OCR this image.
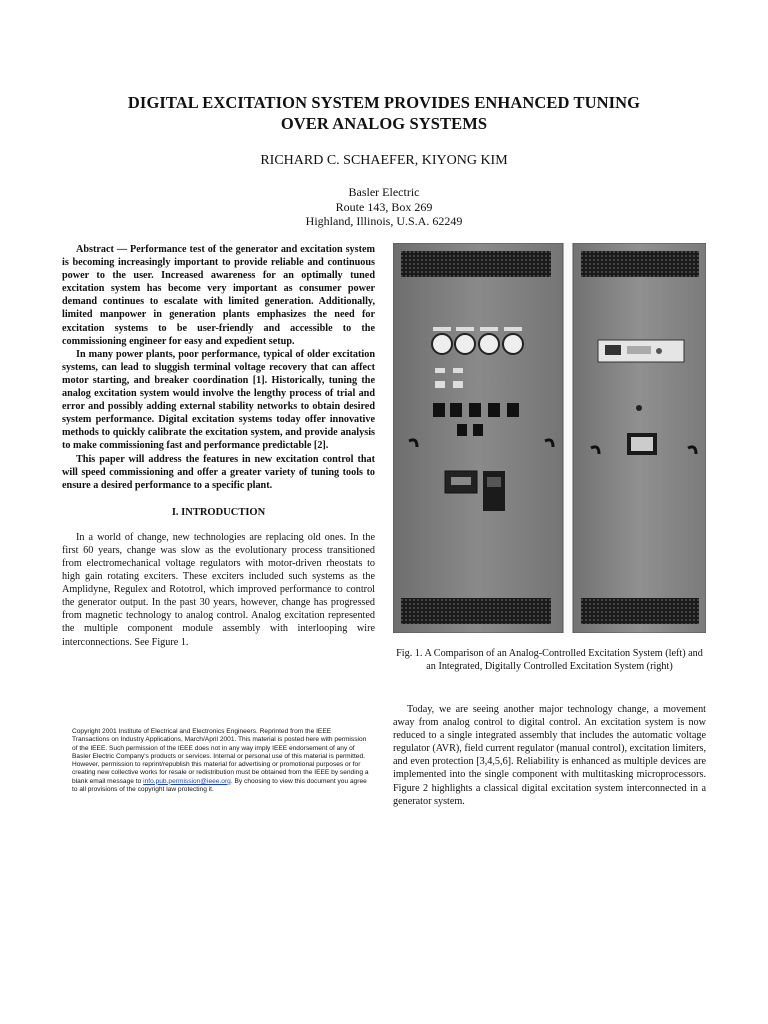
DIGITAL EXCITATION SYSTEM PROVIDES ENHANCED TUNING
OVER ANALOG SYSTEMS
RICHARD C. SCHAEFER, KIYONG KIM
Basler Electric
Route 143, Box 269
Highland, Illinois, U.S.A. 62249

Abstract — Performance test of the generator and excitation system is becoming increasingly important to provide reliable and continuous power to the user. Increased awareness for an optimally tuned excitation system has become very important as consumer power demand continues to escalate with limited generation. Additionally, limited manpower in generation plants emphasizes the need for excitation systems to be user-friendly and accessible to the commissioning engineer for easy and expedient setup.

In many power plants, poor performance, typical of older excitation systems, can lead to sluggish terminal voltage recovery that can affect motor starting, and breaker coordination [1]. Historically, tuning the analog excitation system would involve the lengthy process of trial and error and possibly adding external stability networks to obtain desired system performance. Digital excitation systems today offer innovative methods to quickly calibrate the excitation system, and provide analysis to make commissioning fast and performance predictable [2].

This paper will address the features in new excitation control that will speed commissioning and offer a greater variety of tuning tools to ensure a desired performance to a specific plant.

I. INTRODUCTION

In a world of change, new technologies are replacing old ones. In the first 60 years, change was slow as the evolutionary process transitioned from electromechanical voltage regulators with motor-driven rheostats to high gain rotating exciters. These exciters included such systems as the Amplidyne, Regulex and Rototrol, which improved performance to control the generator output. In the past 30 years, however, change has progressed from magnetic technology to analog control. Analog excitation represented the multiple component module assembly with interlooping wire interconnections. See Figure 1.

Copyright 2001 Institute of Electrical and Electronics Engineers. Reprinted from the IEEE Transactions on Industry Applications, March/April 2001. This material is posted here with permission of the IEEE. Such permission of the IEEE does not in any way imply IEEE endorsement of any of Basler Electric Company's products or services. Internal or personal use of this material is permitted. However, permission to reprint/republish this material for advertising or promotional purposes or for creating new collective works for resale or redistribution must be obtained from the IEEE by sending a blank email message to info.pub.permission@ieee.org. By choosing to view this document you agree to all provisions of the copyright law protecting it.
Fig. 1. A Comparison of an Analog-Controlled Excitation System (left) and an Integrated, Digitally Controlled Excitation System (right)

Today, we are seeing another major technology change, a movement away from analog control to digital control. An excitation system is now reduced to a single integrated assembly that includes the automatic voltage regulator (AVR), field current regulator (manual control), excitation limiters, and even protection [3,4,5,6]. Reliability is enhanced as multiple devices are implemented into the single component with multitasking microprocessors. Figure 2 highlights a classical digital excitation system interconnected in a generator system.
